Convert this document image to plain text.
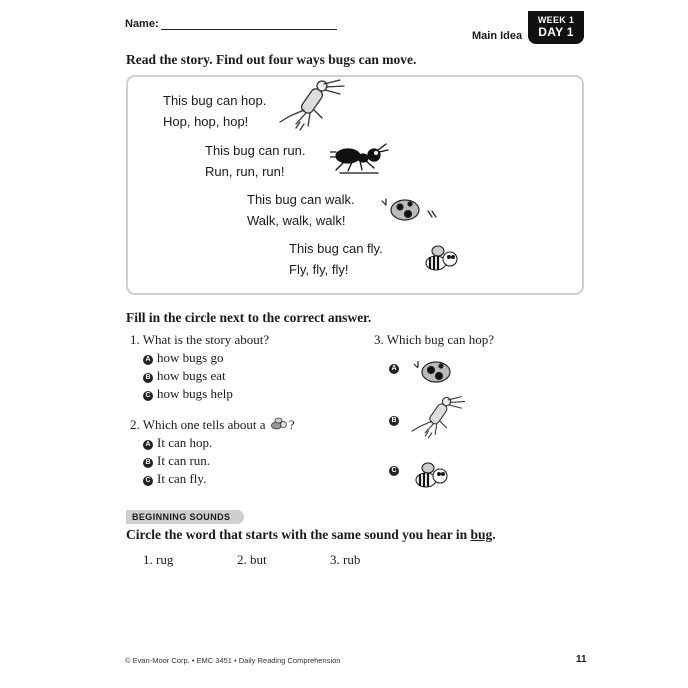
Name:
Main Idea
WEEK 1
DAY 1
Read the story. Find out four ways bugs can move.
This bug can hop.
Hop, hop, hop!
This bug can run.
Run, run, run!
This bug can walk.
Walk, walk, walk!
This bug can fly.
Fly, fly, fly!
Fill in the circle next to the correct answer.
1. What is the story about?
A how bugs go
B how bugs eat
C how bugs help
2. Which one tells about a ?
A It can hop.
B It can run.
C It can fly.
3. Which bug can hop?
A
B
C
BEGINNING SOUNDS
Circle the word that starts with the same sound you hear in bug.
1. rug	2. but	3. rub
© Evan-Moor Corp. • EMC 3451 • Daily Reading Comprehension	11
